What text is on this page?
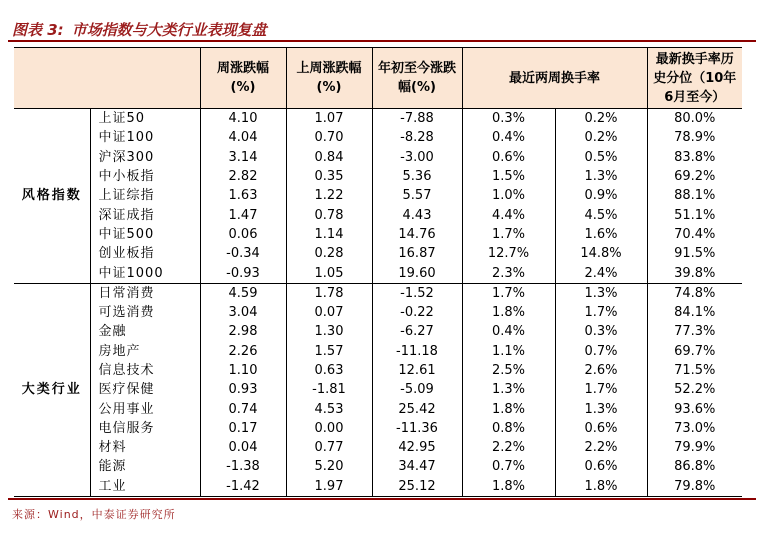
图表 3: 市场指数与大类行业表现复盘
		周涨跌幅 (%)	上周涨跌幅 (%)	年初至今涨跌幅(%)	最近两周换手率		最新换手率历史分位（10年6月至今）
风格指数	上证50	4.10	1.07	-7.88	0.3%	0.2%	80.0%
	中证100	4.04	0.70	-8.28	0.4%	0.2%	78.9%
	沪深300	3.14	0.84	-3.00	0.6%	0.5%	83.8%
	中小板指	2.82	0.35	5.36	1.5%	1.3%	69.2%
	上证综指	1.63	1.22	5.57	1.0%	0.9%	88.1%
	深证成指	1.47	0.78	4.43	4.4%	4.5%	51.1%
	中证500	0.06	1.14	14.76	1.7%	1.6%	70.4%
	创业板指	-0.34	0.28	16.87	12.7%	14.8%	91.5%
	中证1000	-0.93	1.05	19.60	2.3%	2.4%	39.8%
大类行业	日常消费	4.59	1.78	-1.52	1.7%	1.3%	74.8%
	可选消费	3.04	0.07	-0.22	1.8%	1.7%	84.1%
	金融	2.98	1.30	-6.27	0.4%	0.3%	77.3%
	房地产	2.26	1.57	-11.18	1.1%	0.7%	69.7%
	信息技术	1.10	0.63	12.61	2.5%	2.6%	71.5%
	医疗保健	0.93	-1.81	-5.09	1.3%	1.7%	52.2%
	公用事业	0.74	4.53	25.42	1.8%	1.3%	93.6%
	电信服务	0.17	0.00	-11.36	0.8%	0.6%	73.0%
	材料	0.04	0.77	42.95	2.2%	2.2%	79.9%
	能源	-1.38	5.20	34.47	0.7%	0.6%	86.8%
	工业	-1.42	1.97	25.12	1.8%	1.8%	79.8%
来源：Wind，中泰证券研究所
